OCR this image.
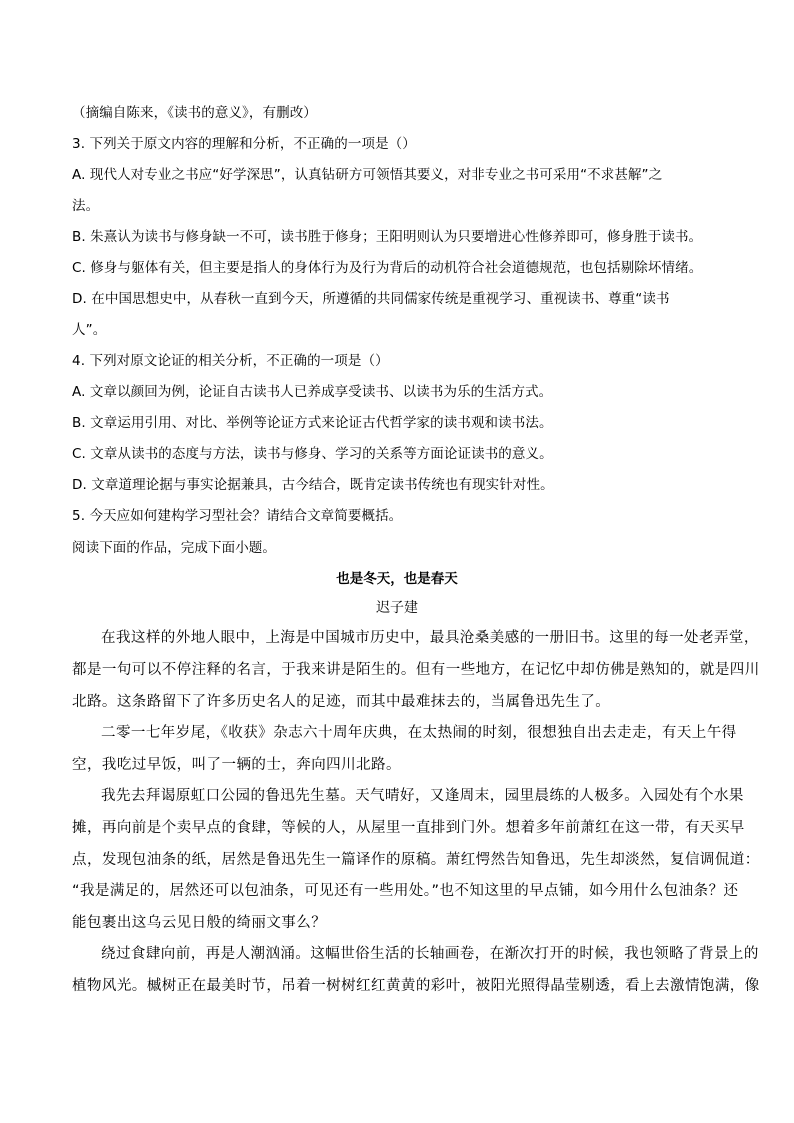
（摘编自陈来，《读书的意义》，有删改）
3. 下列关于原文内容的理解和分析，不正确的一项是（）
A. 现代人对专业之书应“好学深思”，认真钻研方可领悟其要义，对非专业之书可采用“不求甚解”之
法。
B. 朱熹认为读书与修身缺一不可，读书胜于修身；王阳明则认为只要增进心性修养即可，修身胜于读书。
C. 修身与躯体有关，但主要是指人的身体行为及行为背后的动机符合社会道德规范，也包括剔除坏情绪。
D. 在中国思想史中，从春秋一直到今天，所遵循的共同儒家传统是重视学习、重视读书、尊重“读书
人”。
4. 下列对原文论证的相关分析，不正确的一项是（）
A. 文章以颜回为例，论证自古读书人已养成享受读书、以读书为乐的生活方式。
B. 文章运用引用、对比、举例等论证方式来论证古代哲学家的读书观和读书法。
C. 文章从读书的态度与方法，读书与修身、学习的关系等方面论证读书的意义。
D. 文章道理论据与事实论据兼具，古今结合，既肯定读书传统也有现实针对性。
5. 今天应如何建构学习型社会？请结合文章简要概括。
阅读下面的作品，完成下面小题。
也是冬天，也是春天
迟子建
在我这样的外地人眼中，上海是中国城市历史中，最具沧桑美感的一册旧书。这里的每一处老弄堂，
都是一句可以不停注释的名言，于我来讲是陌生的。但有一些地方，在记忆中却仿佛是熟知的，就是四川
北路。这条路留下了许多历史名人的足迹，而其中最难抹去的，当属鲁迅先生了。
二零一七年岁尾，《收获》杂志六十周年庆典，在太热闹的时刻，很想独自出去走走，有天上午得
空，我吃过早饭，叫了一辆的士，奔向四川北路。
我先去拜谒原虹口公园的鲁迅先生墓。天气晴好，又逢周末，园里晨练的人极多。入园处有个水果
摊，再向前是个卖早点的食肆，等候的人，从屋里一直排到门外。想着多年前萧红在这一带，有天买早
点，发现包油条的纸，居然是鲁迅先生一篇译作的原稿。萧红愕然告知鲁迅，先生却淡然，复信调侃道：
“我是满足的，居然还可以包油条，可见还有一些用处。”也不知这里的早点铺，如今用什么包油条？还
能包裹出这乌云见日般的绮丽文事么？
绕过食肆向前，再是人潮汹涌。这幅世俗生活的长轴画卷，在渐次打开的时候，我也领略了背景上的
植物风光。槭树正在最美时节，吊着一树树红红黄黄的彩叶，被阳光照得晶莹剔透，看上去激情饱满，像
